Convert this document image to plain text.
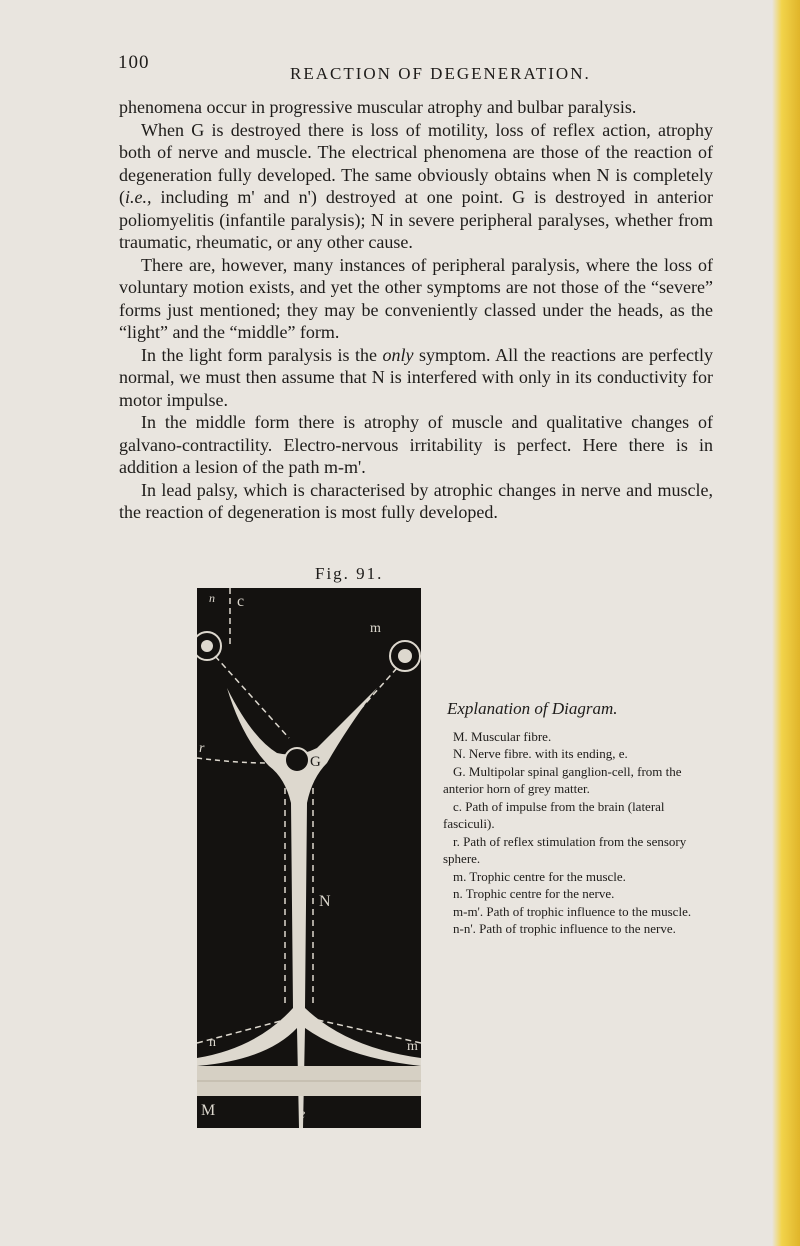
100
REACTION OF DEGENERATION.

phenomena occur in progressive muscular atrophy and bulbar paralysis.

When G is destroyed there is loss of motility, loss of reflex action, atrophy both of nerve and muscle. The electrical phenomena are those of the reaction of degeneration fully developed. The same obviously obtains when N is completely (i.e., including m' and n') destroyed at one point. G is destroyed in anterior poliomyelitis (infantile paralysis); N in severe peripheral paralyses, whether from traumatic, rheumatic, or any other cause.

There are, however, many instances of peripheral paralysis, where the loss of voluntary motion exists, and yet the other symptoms are not those of the “severe” forms just mentioned; they may be conveniently classed under the heads, as the “light” and the “middle” form.

In the light form paralysis is the only symptom. All the reactions are perfectly normal, we must then assume that N is interfered with only in its conductivity for motor impulse.

In the middle form there is atrophy of muscle and qualitative changes of galvano-contractility. Electro-nervous irritability is perfect. Here there is in addition a lesion of the path m-m'.

In lead palsy, which is characterised by atrophic changes in nerve and muscle, the reaction of degeneration is most fully developed.

Fig. 91.
n c
m
G
r
N
n	m
M	e
Explanation of Diagram.

M. Muscular fibre.

N. Nerve fibre. with its ending, e.

G. Multipolar spinal ganglion-cell, from the anterior horn of grey matter.

c. Path of impulse from the brain (lateral fasciculi).

r. Path of reflex stimulation from the sensory sphere.

m. Trophic centre for the muscle.

n. Trophic centre for the nerve.

m-m'. Path of trophic influence to the muscle.

n-n'. Path of trophic influence to the nerve.
